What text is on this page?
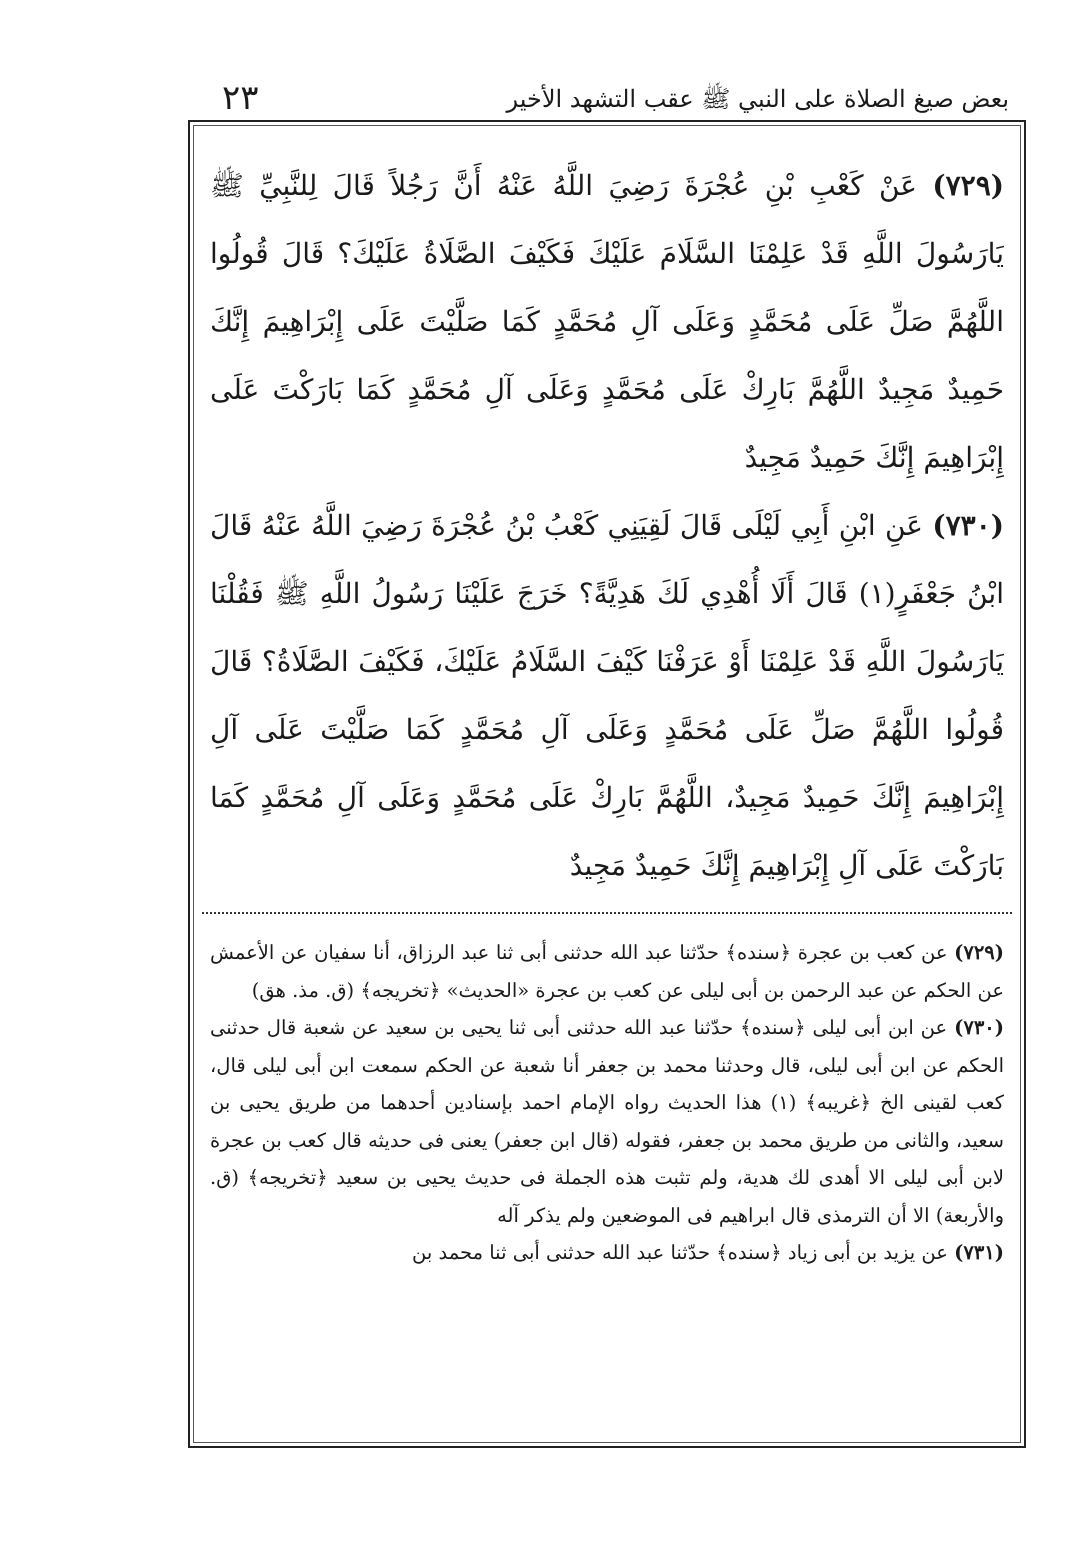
٢٣	بعض صيغ الصلاة على النبي ﷺ عقب التشهد الأخير

(٧٢٩) عَنْ كَعْبِ بْنِ عُجْرَةَ رَضِيَ اللَّهُ عَنْهُ أَنَّ رَجُلاً قَالَ لِلنَّبِيِّ ﷺ يَارَسُولَ اللَّهِ قَدْ عَلِمْنَا السَّلَامَ عَلَيْكَ فَكَيْفَ الصَّلَاةُ عَلَيْكَ؟ قَالَ قُولُوا اللَّهُمَّ صَلِّ عَلَى مُحَمَّدٍ وَعَلَى آلِ مُحَمَّدٍ كَمَا صَلَّيْتَ عَلَى إِبْرَاهِيمَ إِنَّكَ حَمِيدٌ مَجِيدٌ اللَّهُمَّ بَارِكْ عَلَى مُحَمَّدٍ وَعَلَى آلِ مُحَمَّدٍ كَمَا بَارَكْتَ عَلَى إِبْرَاهِيمَ إِنَّكَ حَمِيدٌ مَجِيدٌ

(٧٣٠) عَنِ ابْنِ أَبِي لَيْلَى قَالَ لَقِيَنِي كَعْبُ بْنُ عُجْرَةَ رَضِيَ اللَّهُ عَنْهُ قَالَ ابْنُ جَعْفَرٍ(١) قَالَ أَلَا أُهْدِي لَكَ هَدِيَّةً؟ خَرَجَ عَلَيْنَا رَسُولُ اللَّهِ ﷺ فَقُلْنَا يَارَسُولَ اللَّهِ قَدْ عَلِمْنَا أَوْ عَرَفْنَا كَيْفَ السَّلَامُ عَلَيْكَ، فَكَيْفَ الصَّلَاةُ؟ قَالَ قُولُوا اللَّهُمَّ صَلِّ عَلَى مُحَمَّدٍ وَعَلَى آلِ مُحَمَّدٍ كَمَا صَلَّيْتَ عَلَى آلِ إِبْرَاهِيمَ إِنَّكَ حَمِيدٌ مَجِيدٌ، اللَّهُمَّ بَارِكْ عَلَى مُحَمَّدٍ وَعَلَى آلِ مُحَمَّدٍ كَمَا بَارَكْتَ عَلَى آلِ إِبْرَاهِيمَ إِنَّكَ حَمِيدٌ مَجِيدٌ

(٧٢٩) عن كعب بن عجرة ﴿سنده﴾ حدّثنا عبد الله حدثنى أبى ثنا عبد الرزاق، أنا سفيان عن الأعمش عن الحكم عن عبد الرحمن بن أبى ليلى عن كعب بن عجرة «الحديث» ﴿تخريجه﴾ (ق. مذ. هق)

(٧٣٠) عن ابن أبى ليلى ﴿سنده﴾ حدّثنا عبد الله حدثنى أبى ثنا يحيى بن سعيد عن شعبة قال حدثنى الحكم عن ابن أبى ليلى، قال وحدثنا محمد بن جعفر أنا شعبة عن الحكم سمعت ابن أبى ليلى قال، كعب لقينى الخ ﴿غريبه﴾ (١) هذا الحديث رواه الإمام احمد بإسنادين أحدهما من طريق يحيى بن سعيد، والثانى من طريق محمد بن جعفر، فقوله (قال ابن جعفر) يعنى فى حديثه قال كعب بن عجرة لابن أبى ليلى الا أهدى لك هدية، ولم تثبت هذه الجملة فى حديث يحيى بن سعيد ﴿تخريجه﴾ (ق. والأربعة) الا أن الترمذى قال ابراهيم فى الموضعين ولم يذكر آله

(٧٣١) عن يزيد بن أبى زياد ﴿سنده﴾ حدّثنا عبد الله حدثنى أبى ثنا محمد بن
